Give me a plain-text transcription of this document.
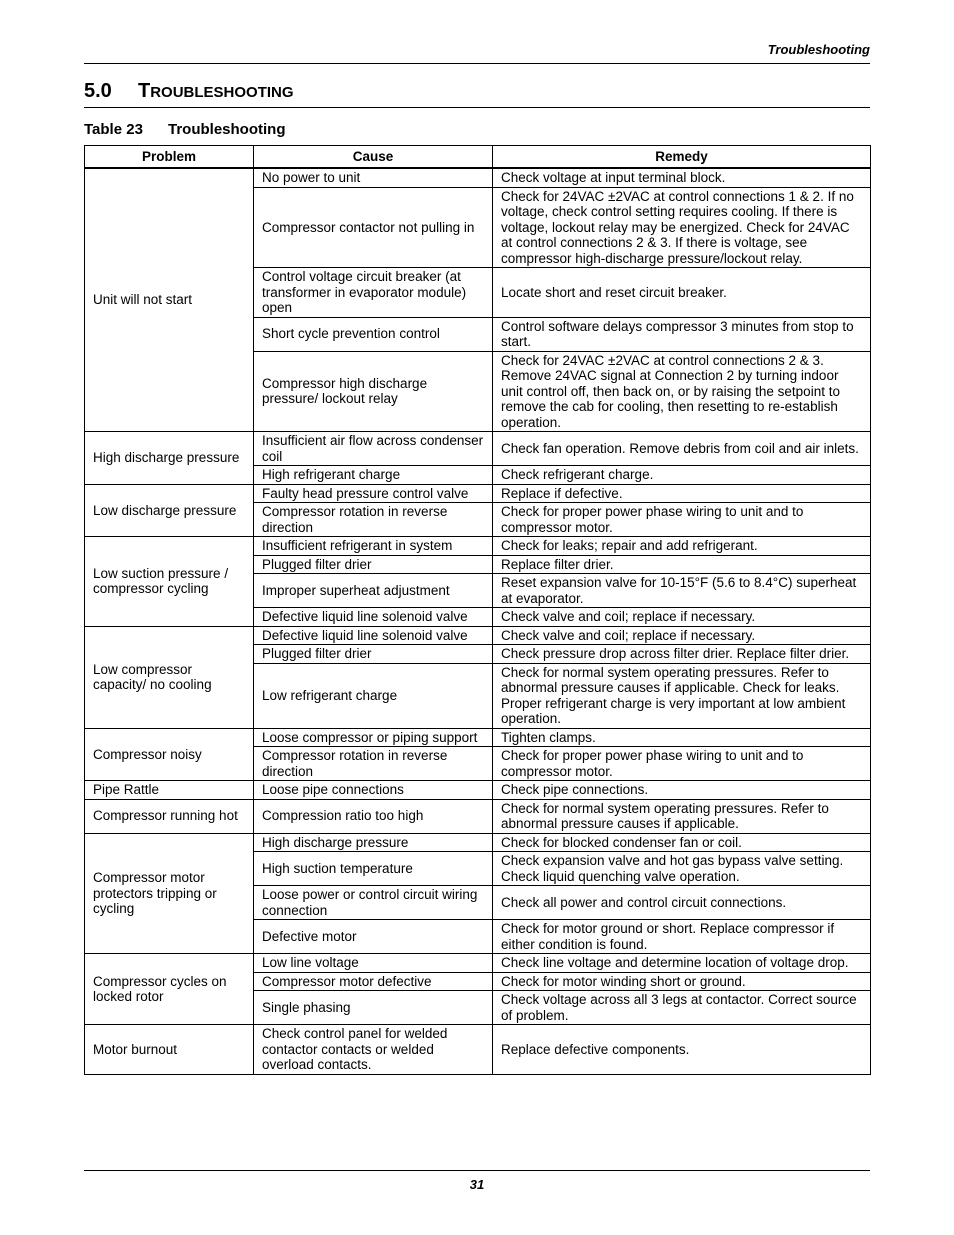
Troubleshooting
5.0 TROUBLESHOOTING
Table 23 Troubleshooting
Problem	Cause	Remedy
Unit will not start	No power to unit	Check voltage at input terminal block.
	Compressor contactor not pulling in	Check for 24VAC ±2VAC at control connections 1 & 2. If no voltage, check control setting requires cooling. If there is voltage, lockout relay may be energized. Check for 24VAC at control connections 2 & 3. If there is voltage, see compressor high-discharge pressure/lockout relay.
	Control voltage circuit breaker (at transformer in evaporator module) open	Locate short and reset circuit breaker.
	Short cycle prevention control	Control software delays compressor 3 minutes from stop to start.
	Compressor high discharge pressure/ lockout relay	Check for 24VAC ±2VAC at control connections 2 & 3. Remove 24VAC signal at Connection 2 by turning indoor unit control off, then back on, or by raising the setpoint to remove the cab for cooling, then resetting to re-establish operation.
High discharge pressure	Insufficient air flow across condenser coil	Check fan operation. Remove debris from coil and air inlets.
	High refrigerant charge	Check refrigerant charge.
Low discharge pressure	Faulty head pressure control valve	Replace if defective.
	Compressor rotation in reverse direction	Check for proper power phase wiring to unit and to compressor motor.
Low suction pressure / compressor cycling	Insufficient refrigerant in system	Check for leaks; repair and add refrigerant.
	Plugged filter drier	Replace filter drier.
	Improper superheat adjustment	Reset expansion valve for 10-15°F (5.6 to 8.4°C) superheat at evaporator.
	Defective liquid line solenoid valve	Check valve and coil; replace if necessary.
Low compressor capacity/ no cooling	Defective liquid line solenoid valve	Check valve and coil; replace if necessary.
	Plugged filter drier	Check pressure drop across filter drier. Replace filter drier.
	Low refrigerant charge	Check for normal system operating pressures. Refer to abnormal pressure causes if applicable. Check for leaks. Proper refrigerant charge is very important at low ambient operation.
Compressor noisy	Loose compressor or piping support	Tighten clamps.
	Compressor rotation in reverse direction	Check for proper power phase wiring to unit and to compressor motor.
Pipe Rattle	Loose pipe connections	Check pipe connections.
Compressor running hot	Compression ratio too high	Check for normal system operating pressures. Refer to abnormal pressure causes if applicable.
Compressor motor protectors tripping or cycling	High discharge pressure	Check for blocked condenser fan or coil.
	High suction temperature	Check expansion valve and hot gas bypass valve setting. Check liquid quenching valve operation.
	Loose power or control circuit wiring connection	Check all power and control circuit connections.
	Defective motor	Check for motor ground or short. Replace compressor if either condition is found.
Compressor cycles on locked rotor	Low line voltage	Check line voltage and determine location of voltage drop.
	Compressor motor defective	Check for motor winding short or ground.
	Single phasing	Check voltage across all 3 legs at contactor. Correct source of problem.
Motor burnout	Check control panel for welded contactor contacts or welded overload contacts.	Replace defective components.
31
